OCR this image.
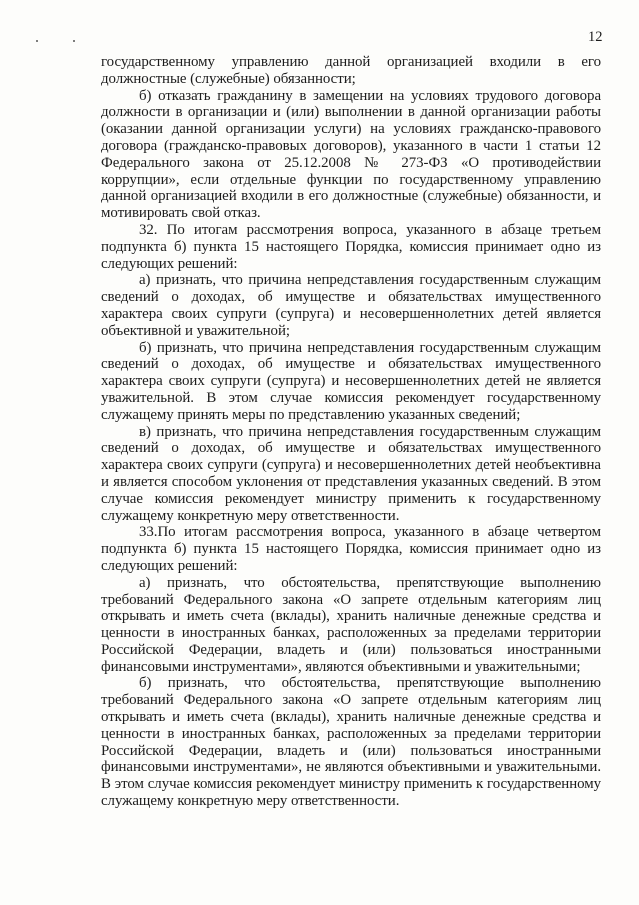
12

государственному управлению данной организацией входили в его должностные (служебные) обязанности;

б) отказать гражданину в замещении на условиях трудового договора должности в организации и (или) выполнении в данной организации работы (оказании данной организации услуги) на условиях гражданско-правового договора (гражданско-правовых договоров), указанного в части 1 статьи 12 Федерального закона от 25.12.2008 № 273-ФЗ «О противодействии коррупции», если отдельные функции по государственному управлению данной организацией входили в его должностные (служебные) обязанности, и мотивировать свой отказ.

32. По итогам рассмотрения вопроса, указанного в абзаце третьем подпункта б) пункта 15 настоящего Порядка, комиссия принимает одно из следующих решений:

а) признать, что причина непредставления государственным служащим сведений о доходах, об имуществе и обязательствах имущественного характера своих супруги (супруга) и несовершеннолетних детей является объективной и уважительной;

б) признать, что причина непредставления государственным служащим сведений о доходах, об имуществе и обязательствах имущественного характера своих супруги (супруга) и несовершеннолетних детей не является уважительной. В этом случае комиссия рекомендует государственному служащему принять меры по представлению указанных сведений;

в) признать, что причина непредставления государственным служащим сведений о доходах, об имуществе и обязательствах имущественного характера своих супруги (супруга) и несовершеннолетних детей необъективна и является способом уклонения от представления указанных сведений. В этом случае комиссия рекомендует министру применить к государственному служащему конкретную меру ответственности.

33.По итогам рассмотрения вопроса, указанного в абзаце четвертом подпункта б) пункта 15 настоящего Порядка, комиссия принимает одно из следующих решений:

а) признать, что обстоятельства, препятствующие выполнению требований Федерального закона «О запрете отдельным категориям лиц открывать и иметь счета (вклады), хранить наличные денежные средства и ценности в иностранных банках, расположенных за пределами территории Российской Федерации, владеть и (или) пользоваться иностранными финансовыми инструментами», являются объективными и уважительными;

б) признать, что обстоятельства, препятствующие выполнению требований Федерального закона «О запрете отдельным категориям лиц открывать и иметь счета (вклады), хранить наличные денежные средства и ценности в иностранных банках, расположенных за пределами территории Российской Федерации, владеть и (или) пользоваться иностранными финансовыми инструментами», не являются объективными и уважительными. В этом случае комиссия рекомендует министру применить к государственному служащему конкретную меру ответственности.
